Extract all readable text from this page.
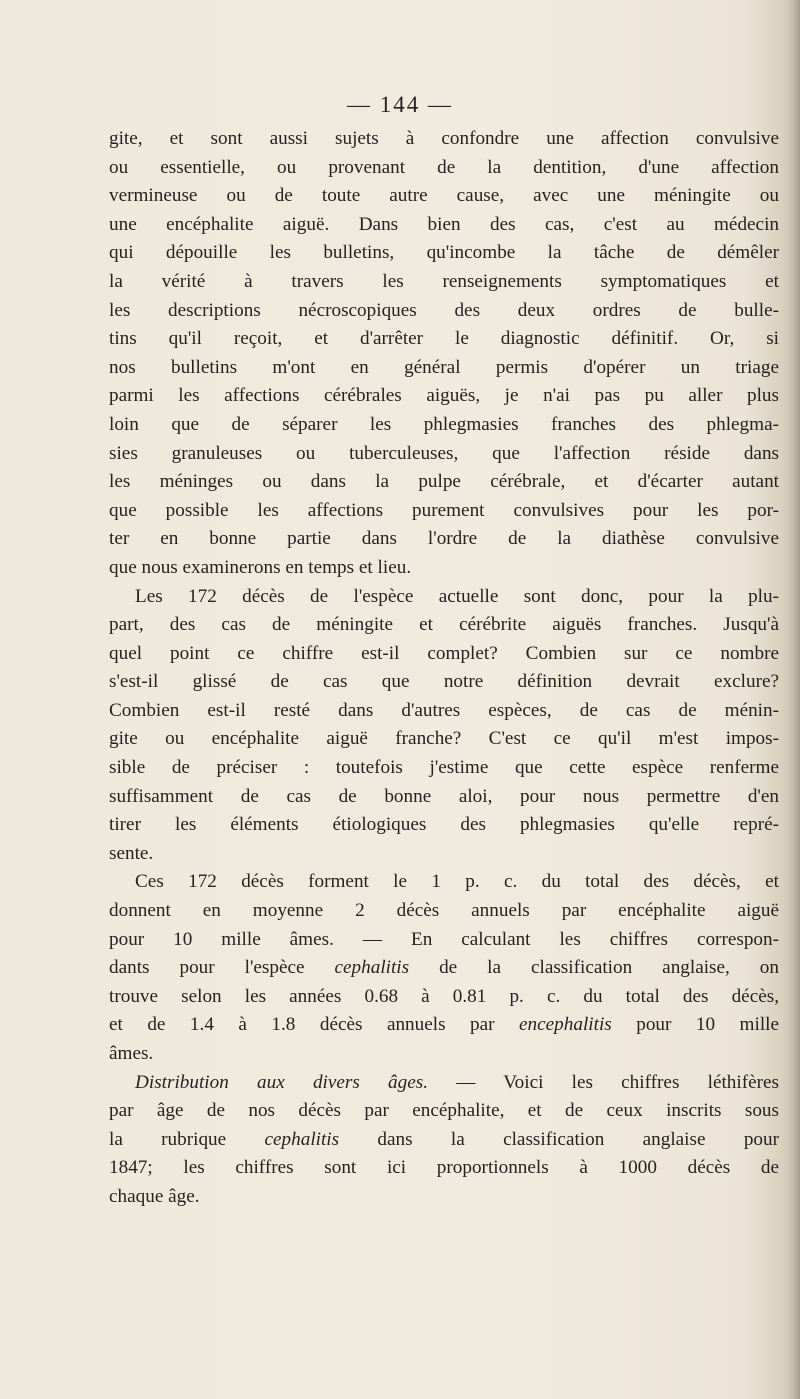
— 144 —
gite, et sont aussi sujets à confondre une affection convulsive
ou essentielle, ou provenant de la dentition, d'une affection
vermineuse ou de toute autre cause, avec une méningite ou
une encéphalite aiguë. Dans bien des cas, c'est au médecin
qui dépouille les bulletins, qu'incombe la tâche de démêler
la vérité à travers les renseignements symptomatiques et
les descriptions nécroscopiques des deux ordres de bulle-
tins qu'il reçoit, et d'arrêter le diagnostic définitif. Or, si
nos bulletins m'ont en général permis d'opérer un triage
parmi les affections cérébrales aiguës, je n'ai pas pu aller plus
loin que de séparer les phlegmasies franches des phlegma-
sies granuleuses ou tuberculeuses, que l'affection réside dans
les méninges ou dans la pulpe cérébrale, et d'écarter autant
que possible les affections purement convulsives pour les por-
ter en bonne partie dans l'ordre de la diathèse convulsive
que nous examinerons en temps et lieu.
Les 172 décès de l'espèce actuelle sont donc, pour la plu-
part, des cas de méningite et cérébrite aiguës franches. Jusqu'à
quel point ce chiffre est-il complet? Combien sur ce nombre
s'est-il glissé de cas que notre définition devrait exclure?
Combien est-il resté dans d'autres espèces, de cas de ménin-
gite ou encéphalite aiguë franche? C'est ce qu'il m'est impos-
sible de préciser : toutefois j'estime que cette espèce renferme
suffisamment de cas de bonne aloi, pour nous permettre d'en
tirer les éléments étiologiques des phlegmasies qu'elle repré-
sente.
Ces 172 décès forment le 1 p. c. du total des décès, et
donnent en moyenne 2 décès annuels par encéphalite aiguë
pour 10 mille âmes. — En calculant les chiffres correspon-
dants pour l'espèce cephalitis de la classification anglaise, on
trouve selon les années 0.68 à 0.81 p. c. du total des décès,
et de 1.4 à 1.8 décès annuels par encephalitis pour 10 mille
âmes.
Distribution aux divers âges. — Voici les chiffres léthifères
par âge de nos décès par encéphalite, et de ceux inscrits sous
la rubrique cephalitis dans la classification anglaise pour
1847; les chiffres sont ici proportionnels à 1000 décès de
chaque âge.
